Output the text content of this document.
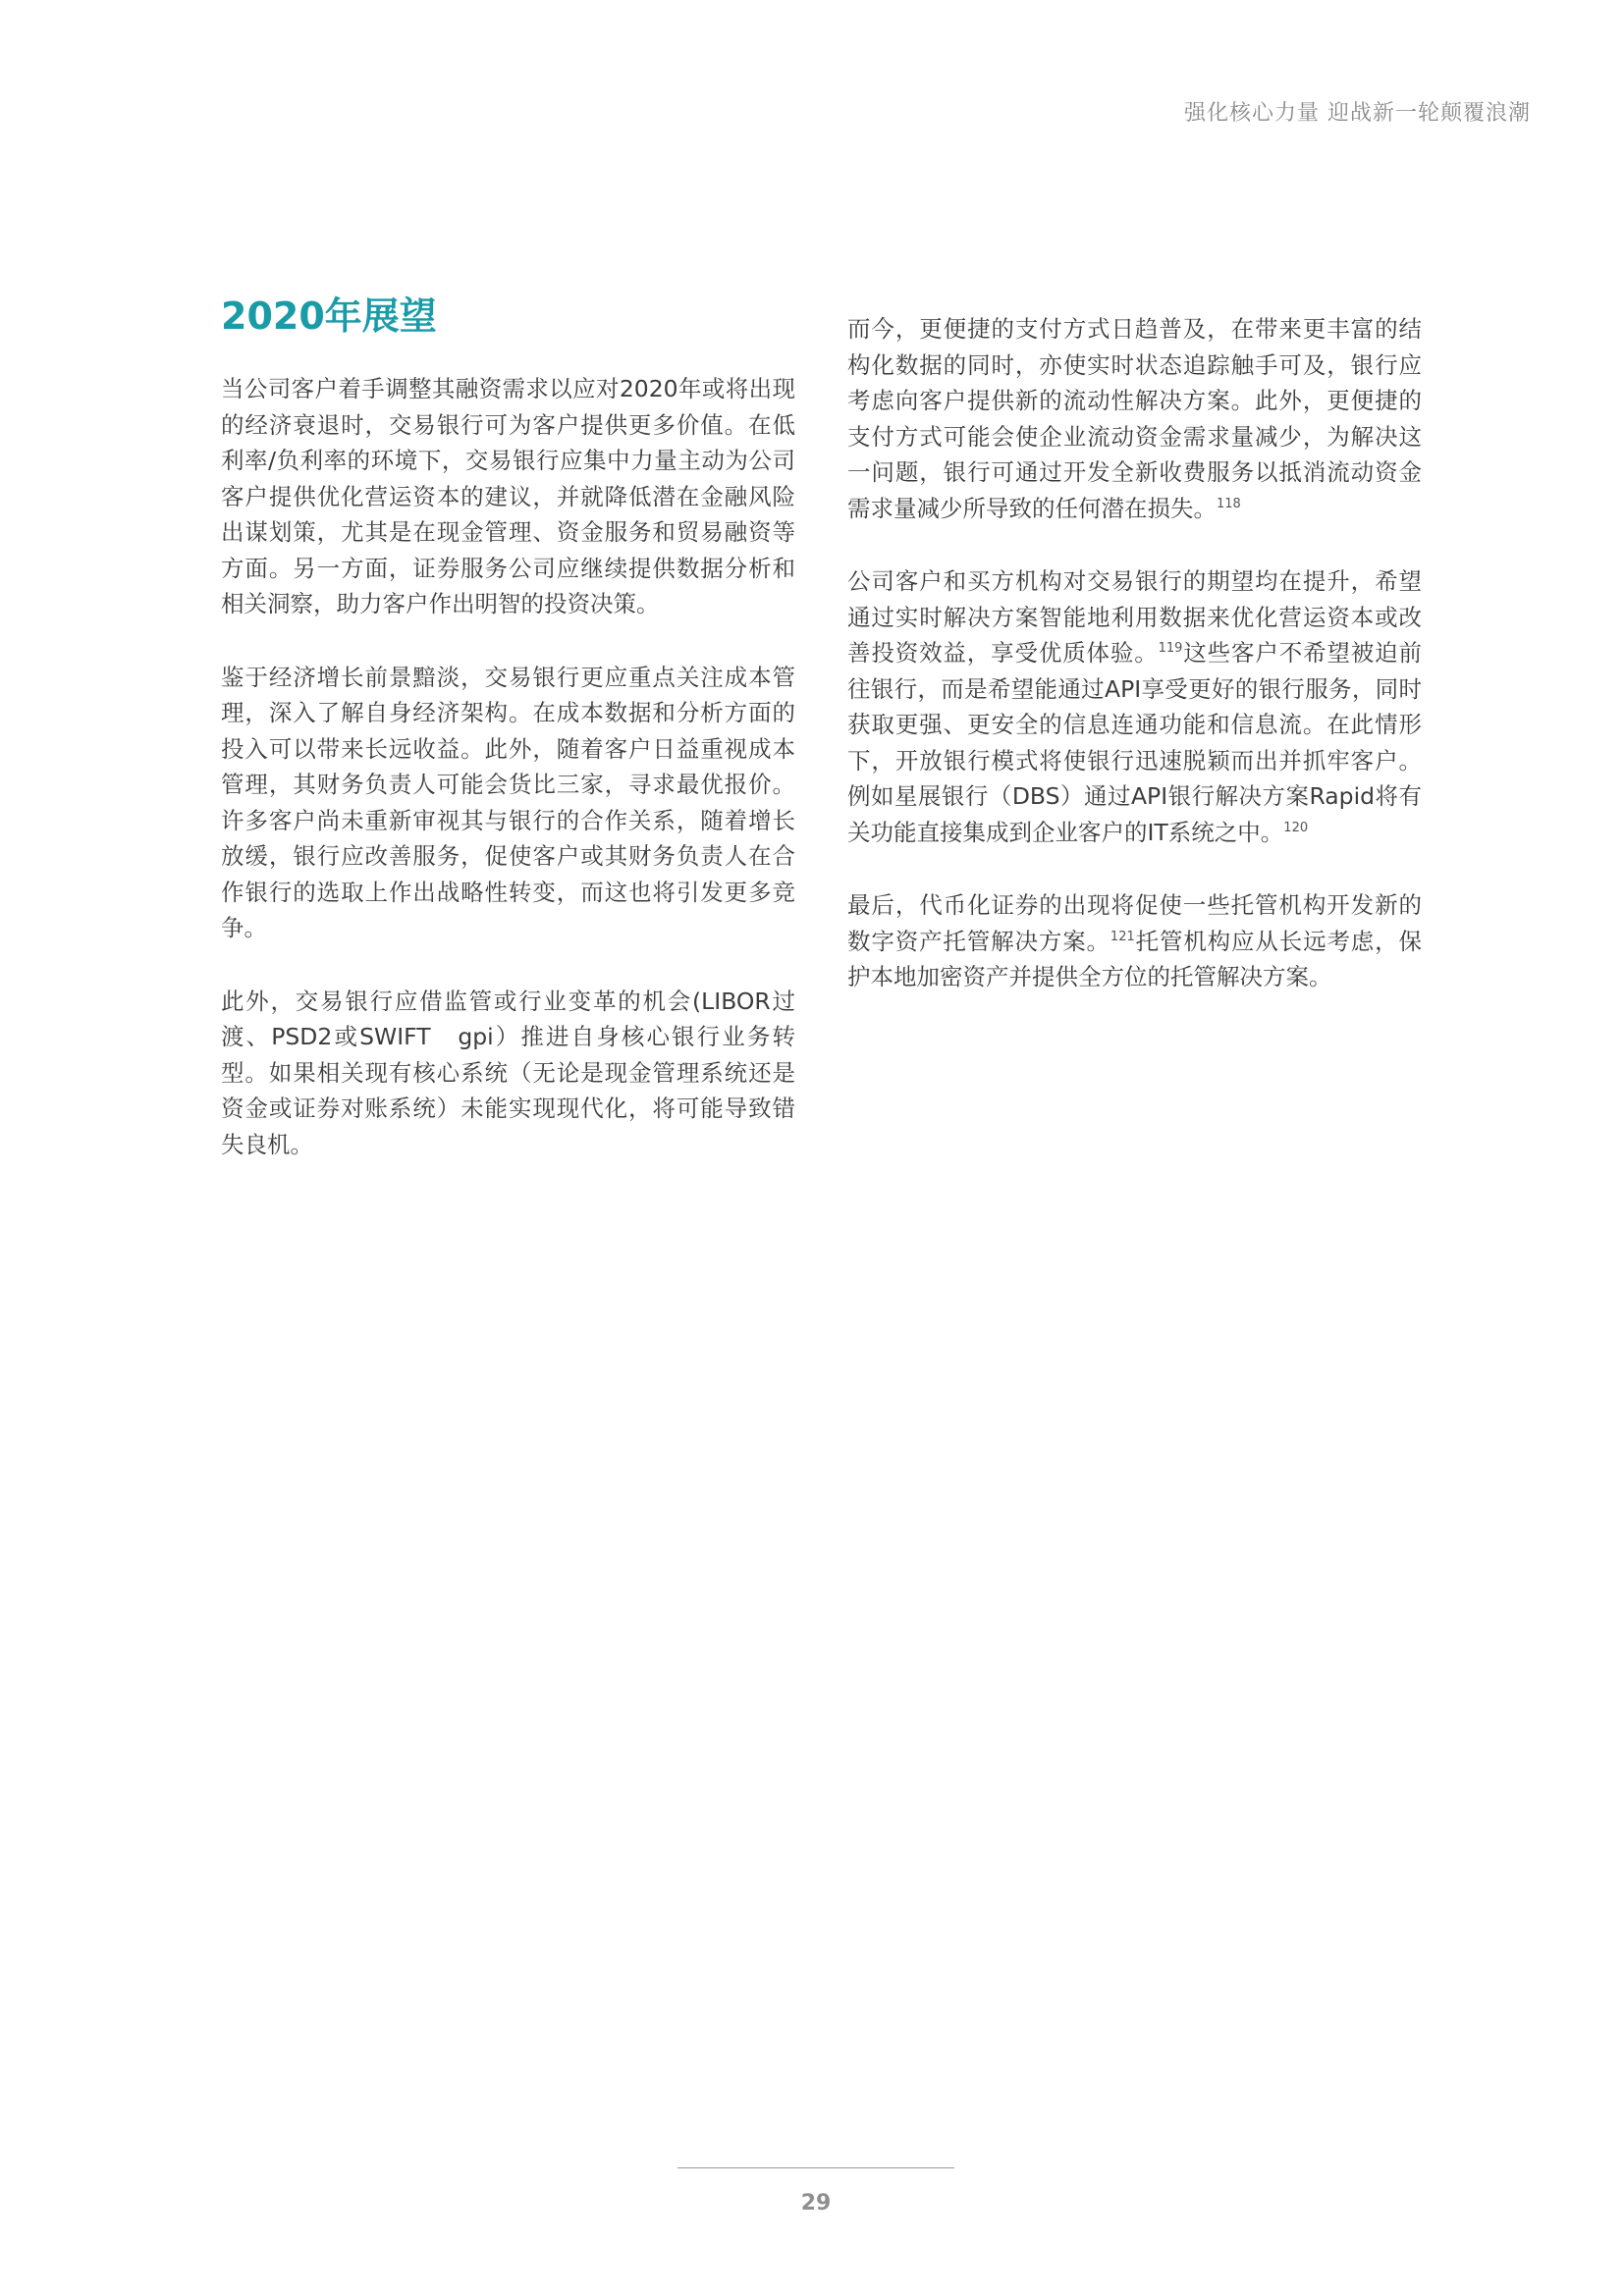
强化核心力量 迎战新一轮颠覆浪潮
2020年展望

当公司客户着手调整其融资需求以应对2020年或将出现的经济衰退时，交易银行可为客户提供更多价值。在低利率/负利率的环境下，交易银行应集中力量主动为公司客户提供优化营运资本的建议，并就降低潜在金融风险出谋划策，尤其是在现金管理、资金服务和贸易融资等方面。另一方面，证券服务公司应继续提供数据分析和相关洞察，助力客户作出明智的投资决策。

鉴于经济增长前景黯淡，交易银行更应重点关注成本管理，深入了解自身经济架构。在成本数据和分析方面的投入可以带来长远收益。此外，随着客户日益重视成本管理，其财务负责人可能会货比三家，寻求最优报价。许多客户尚未重新审视其与银行的合作关系，随着增长放缓，银行应改善服务，促使客户或其财务负责人在合作银行的选取上作出战略性转变，而这也将引发更多竞争。

此外，交易银行应借监管或行业变革的机会(LIBOR过渡、PSD2或SWIFT　gpi）推进自身核心银行业务转型。如果相关现有核心系统（无论是现金管理系统还是资金或证券对账系统）未能实现现代化，将可能导致错失良机。

而今，更便捷的支付方式日趋普及，在带来更丰富的结构化数据的同时，亦使实时状态追踪触手可及，银行应考虑向客户提供新的流动性解决方案。此外，更便捷的支付方式可能会使企业流动资金需求量减少，为解决这一问题，银行可通过开发全新收费服务以抵消流动资金需求量减少所导致的任何潜在损失。$^{118}$

公司客户和买方机构对交易银行的期望均在提升，希望通过实时解决方案智能地利用数据来优化营运资本或改善投资效益，享受优质体验。$^{119}$这些客户不希望被迫前往银行，而是希望能通过API享受更好的银行服务，同时获取更强、更安全的信息连通功能和信息流。在此情形下，开放银行模式将使银行迅速脱颖而出并抓牢客户。例如星展银行（DBS）通过API银行解决方案Rapid将有关功能直接集成到企业客户的IT系统之中。$^{120}$

最后，代币化证券的出现将促使一些托管机构开发新的数字资产托管解决方案。$^{121}$托管机构应从长远考虑，保护本地加密资产并提供全方位的托管解决方案。

29
